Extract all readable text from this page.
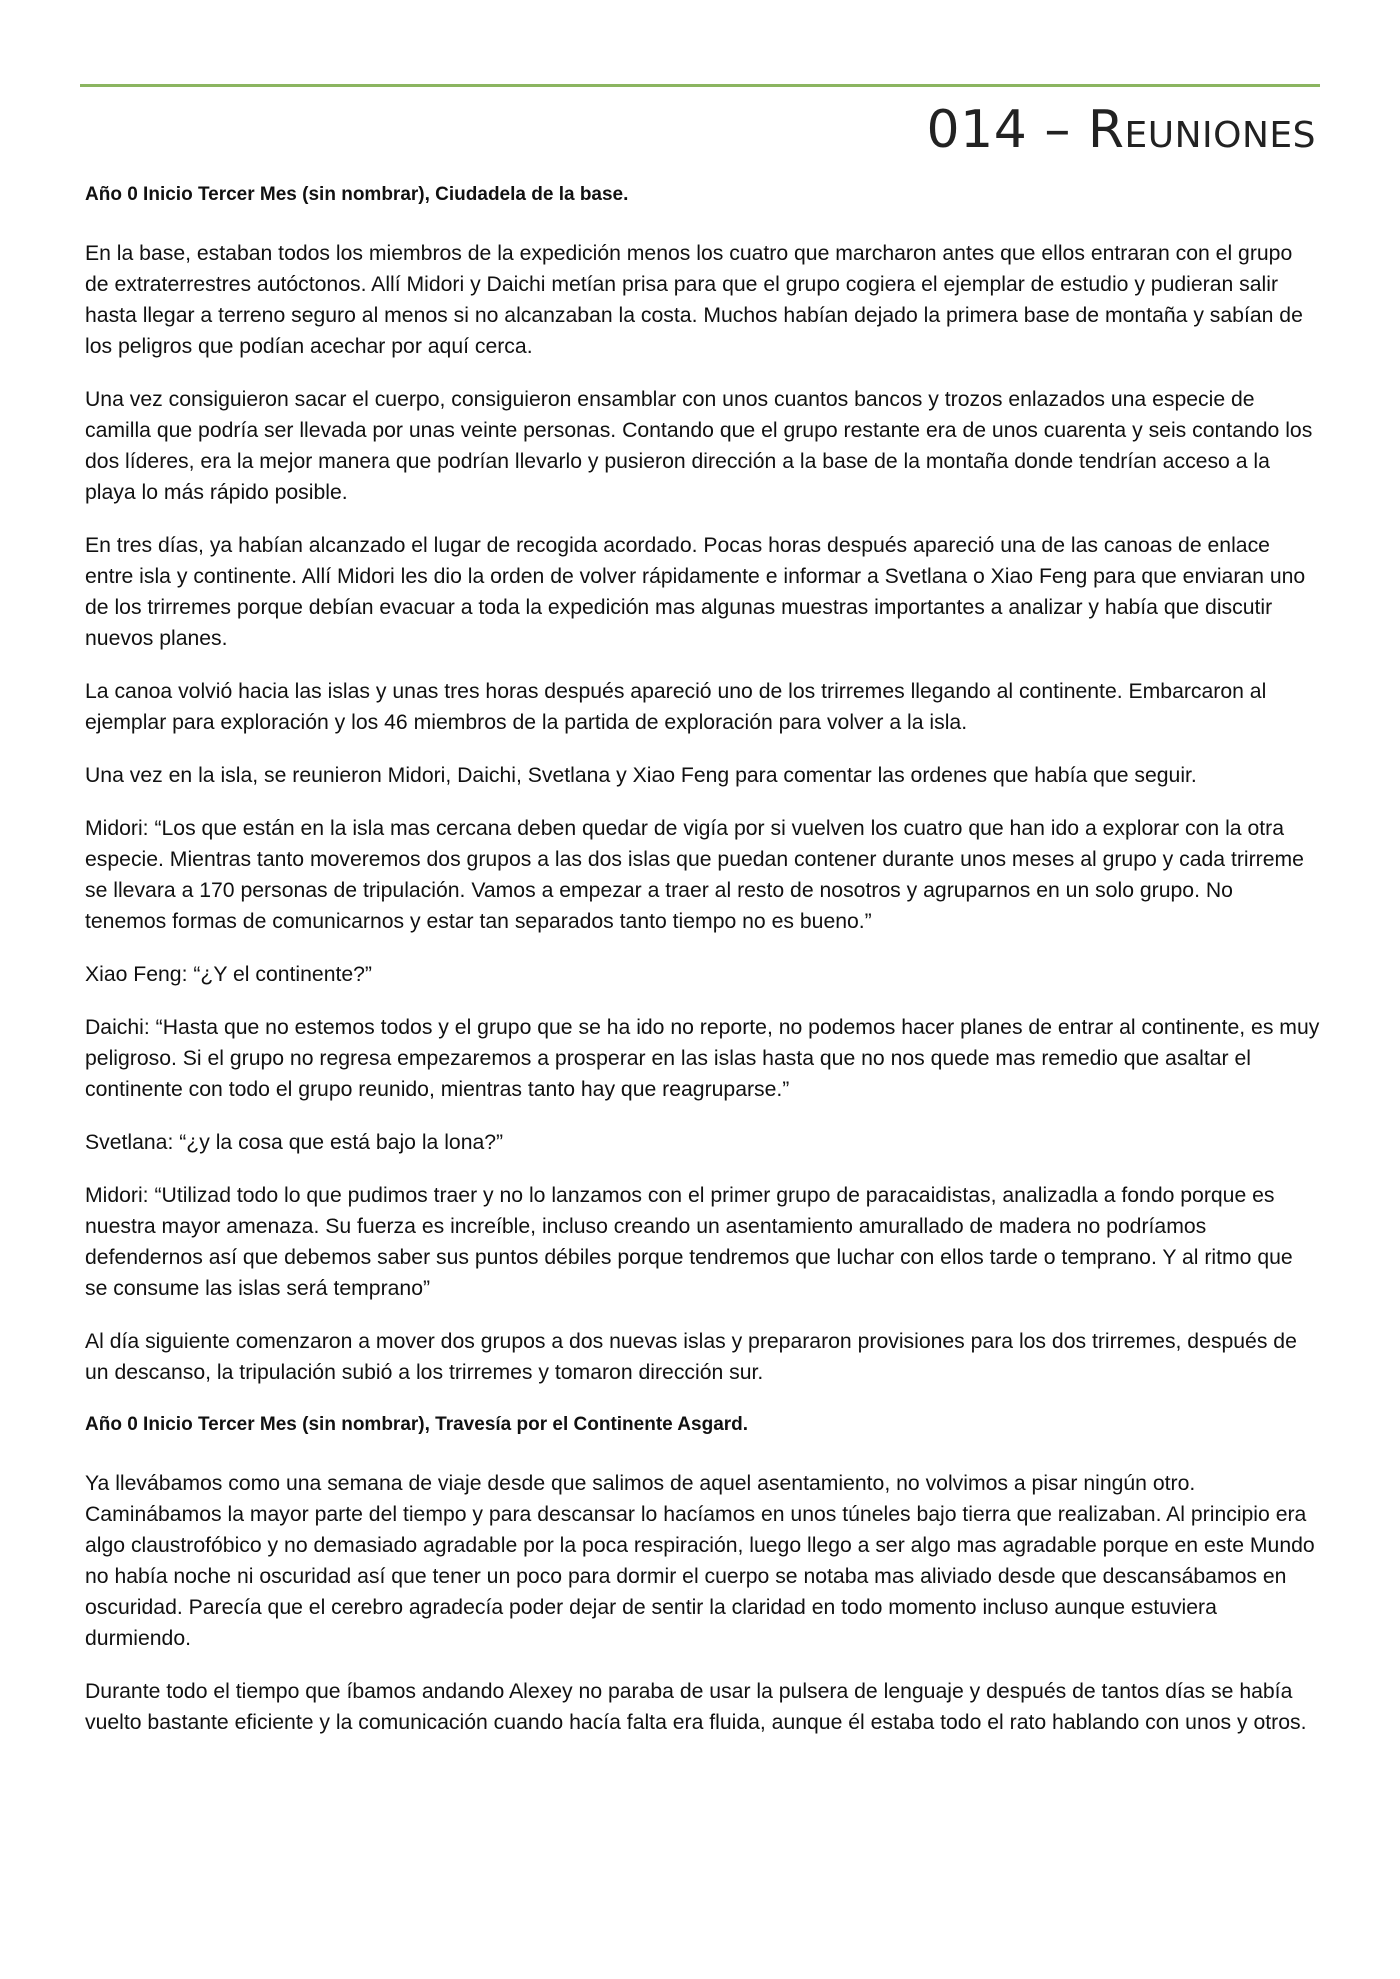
014 – Reuniones

Año 0 Inicio Tercer Mes (sin nombrar), Ciudadela de la base.

En la base, estaban todos los miembros de la expedición menos los cuatro que marcharon antes que ellos entraran con el grupo de extraterrestres autóctonos. Allí Midori y Daichi metían prisa para que el grupo cogiera el ejemplar de estudio y pudieran salir hasta llegar a terreno seguro al menos si no alcanzaban la costa. Muchos habían dejado la primera base de montaña y sabían de los peligros que podían acechar por aquí cerca.

Una vez consiguieron sacar el cuerpo, consiguieron ensamblar con unos cuantos bancos y trozos enlazados una especie de camilla que podría ser llevada por unas veinte personas. Contando que el grupo restante era de unos cuarenta y seis contando los dos líderes, era la mejor manera que podrían llevarlo y pusieron dirección a la base de la montaña donde tendrían acceso a la playa lo más rápido posible.

En tres días, ya habían alcanzado el lugar de recogida acordado. Pocas horas después apareció una de las canoas de enlace entre isla y continente. Allí Midori les dio la orden de volver rápidamente e informar a Svetlana o Xiao Feng para que enviaran uno de los trirremes porque debían evacuar a toda la expedición mas algunas muestras importantes a analizar y había que discutir nuevos planes.

La canoa volvió hacia las islas y unas tres horas después apareció uno de los trirremes llegando al continente. Embarcaron al ejemplar para exploración y los 46 miembros de la partida de exploración para volver a la isla.

Una vez en la isla, se reunieron Midori, Daichi, Svetlana y Xiao Feng para comentar las ordenes que había que seguir.

Midori: “Los que están en la isla mas cercana deben quedar de vigía por si vuelven los cuatro que han ido a explorar con la otra especie. Mientras tanto moveremos dos grupos a las dos islas que puedan contener durante unos meses al grupo y cada trirreme se llevara a 170 personas de tripulación. Vamos a empezar a traer al resto de nosotros y agruparnos en un solo grupo. No tenemos formas de comunicarnos y estar tan separados tanto tiempo no es bueno.”

Xiao Feng: “¿Y el continente?”

Daichi: “Hasta que no estemos todos y el grupo que se ha ido no reporte, no podemos hacer planes de entrar al continente, es muy peligroso. Si el grupo no regresa empezaremos a prosperar en las islas hasta que no nos quede mas remedio que asaltar el continente con todo el grupo reunido, mientras tanto hay que reagruparse.”

Svetlana: “¿y la cosa que está bajo la lona?”

Midori: “Utilizad todo lo que pudimos traer y no lo lanzamos con el primer grupo de paracaidistas, analizadla a fondo porque es nuestra mayor amenaza. Su fuerza es increíble, incluso creando un asentamiento amurallado de madera no podríamos defendernos así que debemos saber sus puntos débiles porque tendremos que luchar con ellos tarde o temprano. Y al ritmo que se consume las islas será temprano”

Al día siguiente comenzaron a mover dos grupos a dos nuevas islas y prepararon provisiones para los dos trirremes, después de un descanso, la tripulación subió a los trirremes y tomaron dirección sur.

Año 0 Inicio Tercer Mes (sin nombrar), Travesía por el Continente Asgard.

Ya llevábamos como una semana de viaje desde que salimos de aquel asentamiento, no volvimos a pisar ningún otro. Caminábamos la mayor parte del tiempo y para descansar lo hacíamos en unos túneles bajo tierra que realizaban. Al principio era algo claustrofóbico y no demasiado agradable por la poca respiración, luego llego a ser algo mas agradable porque en este Mundo no había noche ni oscuridad así que tener un poco para dormir el cuerpo se notaba mas aliviado desde que descansábamos en oscuridad. Parecía que el cerebro agradecía poder dejar de sentir la claridad en todo momento incluso aunque estuviera durmiendo.

Durante todo el tiempo que íbamos andando Alexey no paraba de usar la pulsera de lenguaje y después de tantos días se había vuelto bastante eficiente y la comunicación cuando hacía falta era fluida, aunque él estaba todo el rato hablando con unos y otros.
